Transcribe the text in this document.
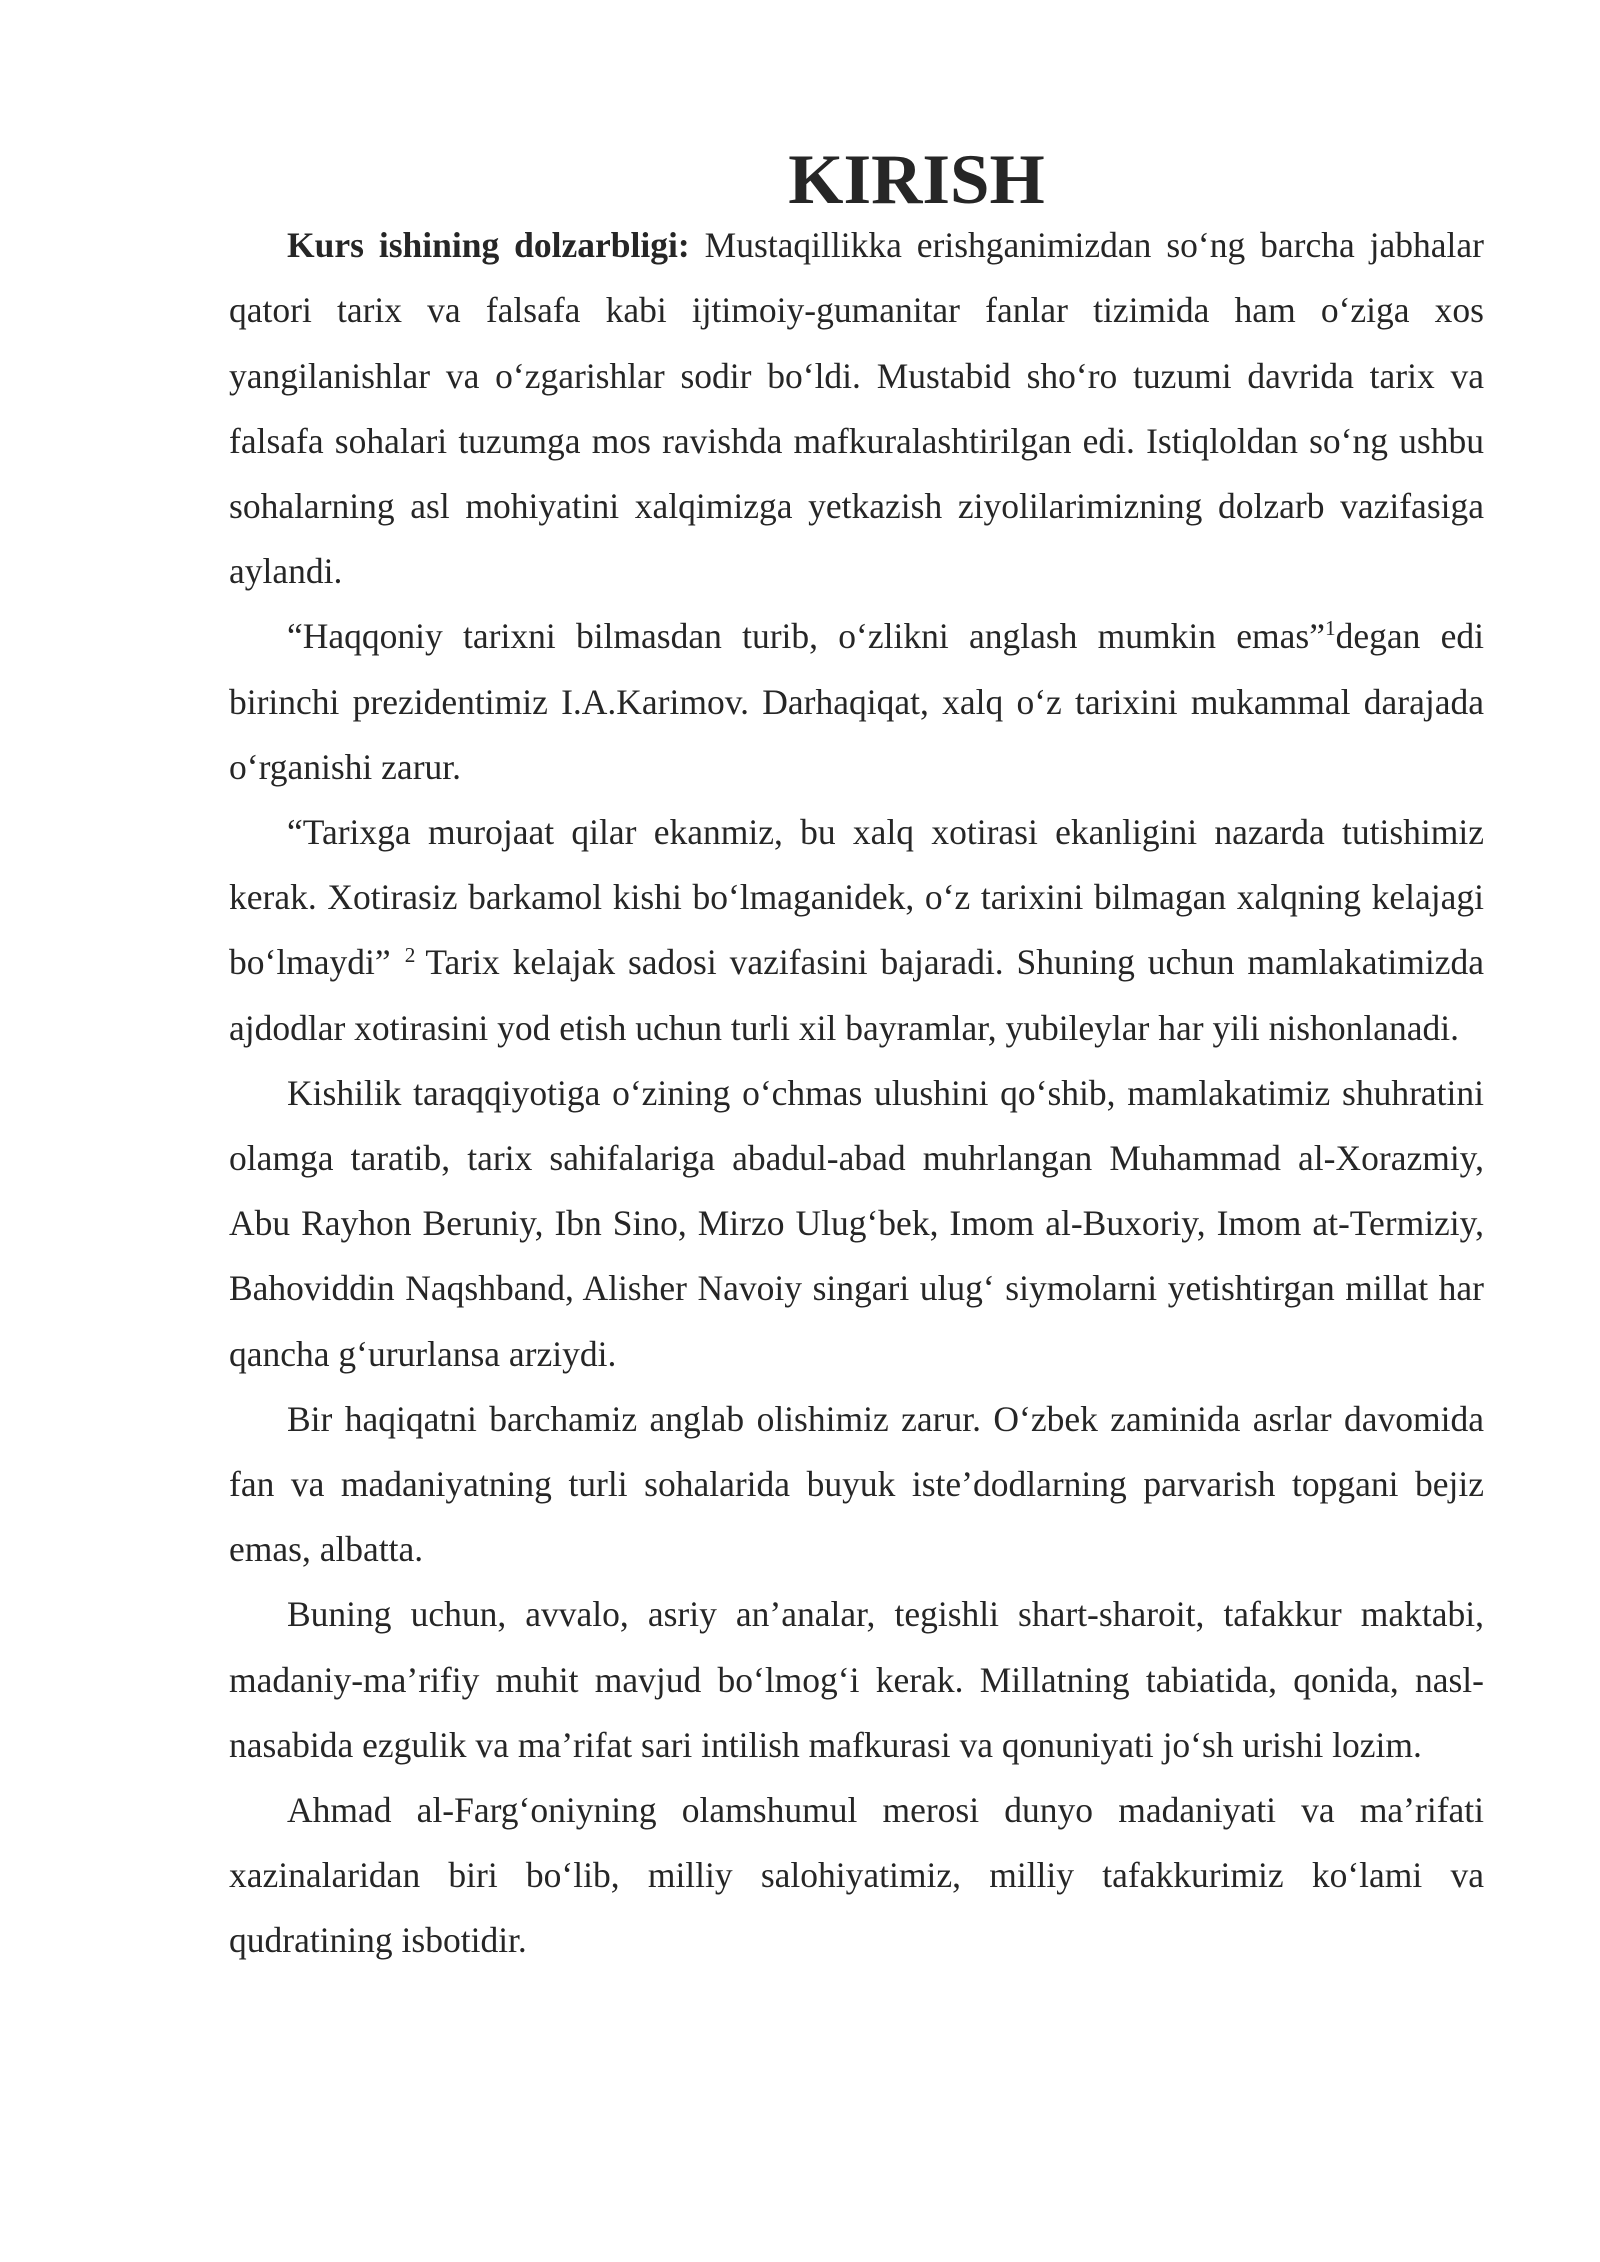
KIRISH

Kurs ishining dolzarbligi: Mustaqillikka erishganimizdan so‘ng barcha jabhalar qatori tarix va falsafa kabi ijtimoiy-gumanitar fanlar tizimida ham o‘ziga xos yangilanishlar va o‘zgarishlar sodir bo‘ldi. Mustabid sho‘ro tuzumi davrida tarix va falsafa sohalari tuzumga mos ravishda mafkuralashtirilgan edi. Istiqloldan so‘ng ushbu sohalarning asl mohiyatini xalqimizga yetkazish ziyolilarimizning dolzarb vazifasiga aylandi.

“Haqqoniy tarixni bilmasdan turib, o‘zlikni anglash mumkin emas”$^1$degan edi birinchi prezidentimiz I.A.Karimov. Darhaqiqat, xalq o‘z tarixini mukammal darajada o‘rganishi zarur.

“Tarixga murojaat qilar ekanmiz, bu xalq xotirasi ekanligini nazarda tutishimiz kerak. Xotirasiz barkamol kishi bo‘lmaganidek, o‘z tarixini bilmagan xalqning kelajagi bo‘lmaydi” $^2$ Tarix kelajak sadosi vazifasini bajaradi. Shuning uchun mamlakatimizda ajdodlar xotirasini yod etish uchun turli xil bayramlar, yubileylar har yili nishonlanadi.

Kishilik taraqqiyotiga o‘zining o‘chmas ulushini qo‘shib, mamlakatimiz shuhratini olamga taratib, tarix sahifalariga abadul-abad muhrlangan Muhammad al-Xorazmiy, Abu Rayhon Beruniy, Ibn Sino, Mirzo Ulug‘bek, Imom al-Buxoriy, Imom at-Termiziy, Bahoviddin Naqshband, Alisher Navoiy singari ulug‘ siymolarni yetishtirgan millat har qancha g‘ururlansa arziydi.

Bir haqiqatni barchamiz anglab olishimiz zarur. O‘zbek zaminida asrlar davomida fan va madaniyatning turli sohalarida buyuk iste’dodlarning parvarish topgani bejiz emas, albatta.

Buning uchun, avvalo, asriy an’analar, tegishli shart-sharoit, tafakkur maktabi, madaniy-ma’rifiy muhit mavjud bo‘lmog‘i kerak. Millatning tabiatida, qonida, nasl-nasabida ezgulik va ma’rifat sari intilish mafkurasi va qonuniyati jo‘sh urishi lozim.

Ahmad al-Farg‘oniyning olamshumul merosi dunyo madaniyati va ma’rifati xazinalaridan biri bo‘lib, milliy salohiyatimiz, milliy tafakkurimiz ko‘lami va qudratining isbotidir.
